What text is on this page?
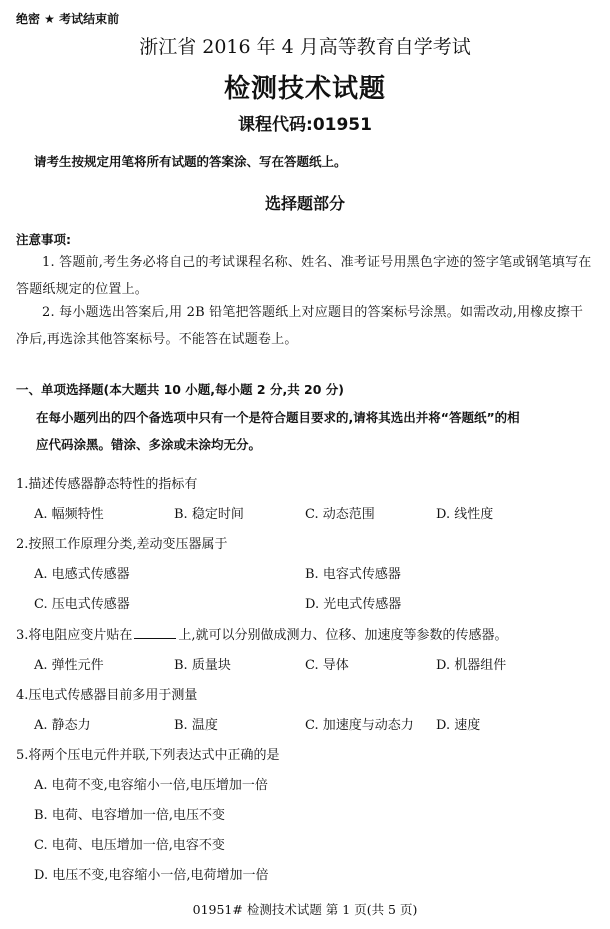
绝密 ★ 考试结束前
浙江省 2016 年 4 月高等教育自学考试
检测技术试题
课程代码:01951
请考生按规定用笔将所有试题的答案涂、写在答题纸上。
选择题部分
注意事项:
1. 答题前,考生务必将自己的考试课程名称、姓名、准考证号用黑色字迹的签字笔或钢笔填写在答题纸规定的位置上。
2. 每小题选出答案后,用 2B 铅笔把答题纸上对应题目的答案标号涂黑。如需改动,用橡皮擦干净后,再选涂其他答案标号。不能答在试题卷上。
一、单项选择题(本大题共 10 小题,每小题 2 分,共 20 分)
在每小题列出的四个备选项中只有一个是符合题目要求的,请将其选出并将“答题纸”的相
应代码涂黑。错涂、多涂或未涂均无分。
1.描述传感器静态特性的指标有
A. 幅频特性	B. 稳定时间	C. 动态范围	D. 线性度
2.按照工作原理分类,差动变压器属于
A. 电感式传感器	B. 电容式传感器
C. 压电式传感器	D. 光电式传感器
3.将电阻应变片贴在	上,就可以分别做成测力、位移、加速度等参数的传感器。
A. 弹性元件	B. 质量块	C. 导体	D. 机器组件
4.压电式传感器目前多用于测量
A. 静态力	B. 温度	C. 加速度与动态力 D. 速度
5.将两个压电元件并联,下列表达式中正确的是
A. 电荷不变,电容缩小一倍,电压增加一倍
B. 电荷、电容增加一倍,电压不变
C. 电荷、电压增加一倍,电容不变
D. 电压不变,电容缩小一倍,电荷增加一倍
01951# 检测技术试题 第 1 页(共 5 页)
